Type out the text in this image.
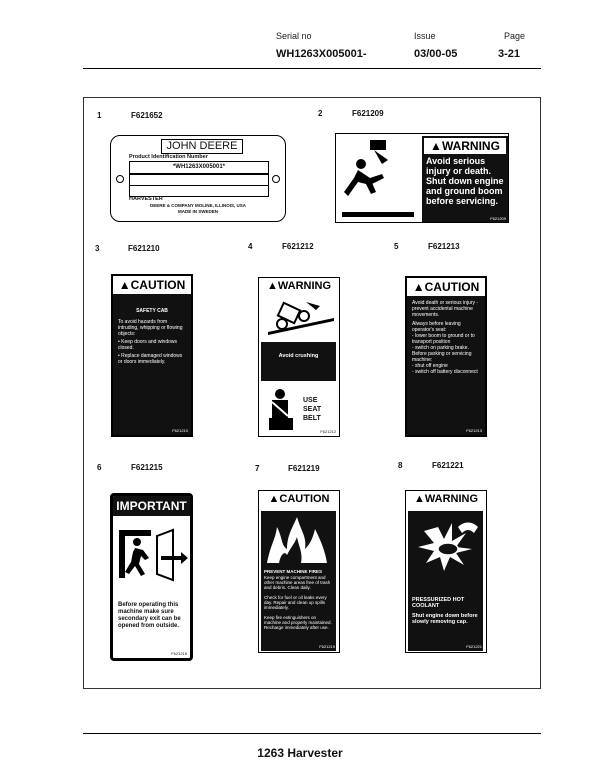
Serial no
WH1263X005001-
Issue
03/00-05
Page
3-21
1	F621652	2	F621209
3	F621210	4	F621212	5	F621213
6	F621215	7	F621219	8	F621221
JOHN DEERE
Product Identification Number
*WH1263X005001*
HARVESTER
DEERE & COMPANY MOLINE, ILLINOIS, USA
MADE IN SWEDEN
▲WARNING
Avoid serious injury or death. Shut down engine and ground boom before servicing.
F621209
▲CAUTION
SAFETY CAB
To avoid hazards from intruding, whipping or flowing objects:
• Keep doors and windows closed.
• Replace damaged windows or doors immediately.
F621210
▲WARNING
Avoid crushing
USE
SEAT
BELT
F621212
▲CAUTION
Avoid death or serious injury - prevent accidental machine movements.
Always before leaving operator's seat:
- lower boom to ground or to transport position
- switch on parking brake.
Before parking or servicing machine:
- shut off engine
- switch off battery disconnect
F621213
IMPORTANT
Before operating this machine make sure secondary exit can be opened from outside.
F621215
▲CAUTION
PREVENT MACHINE FIRES
Keep engine compartment and other machine areas free of trash and debris. Clean daily.
Check for fuel or oil leaks every day. Repair and clean up spills immediately.
Keep fire extinguishers on machine and properly maintained. Recharge immediately after use.
F621219
▲WARNING
PRESSURIZED HOT COOLANT
Shut engine down before slowly removing cap.
F621221
1263 Harvester
